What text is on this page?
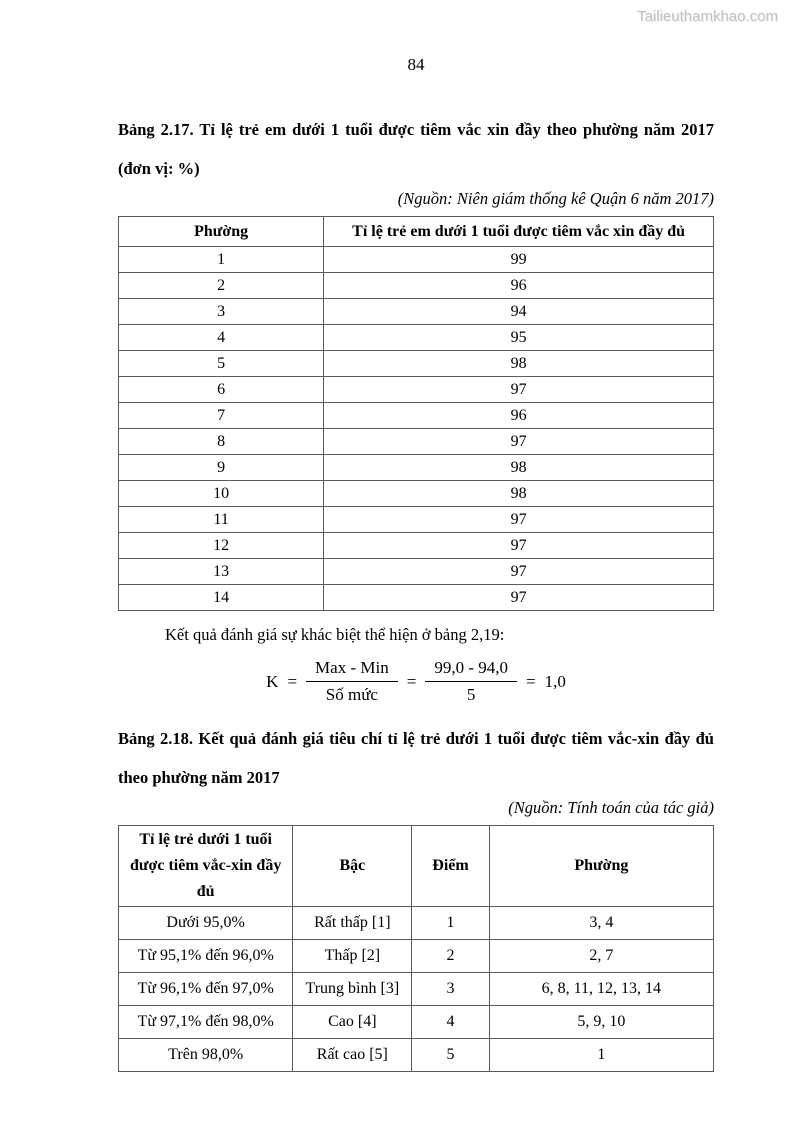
Tailieuthamkhao.com
84

Bảng 2.17. Tỉ lệ trẻ em dưới 1 tuổi được tiêm vắc xin đầy theo phường năm 2017 (đơn vị: %)

(Nguồn: Niên giám thống kê Quận 6 năm 2017)

Phường	Tỉ lệ trẻ em dưới 1 tuổi được tiêm vắc xin đầy đủ
1	99
2	96
3	94
4	95
5	98
6	97
7	96
8	97
9	98
10	98
11	97
12	97
13	97
14	97

Kết quả đánh giá sự khác biệt thể hiện ở bảng 2,19:

$K = \frac{\text{Max - Min}}{\text{Số mức}} = \frac{99,0 - 94,0}{5} = 1,0$

Bảng 2.18. Kết quả đánh giá tiêu chí tỉ lệ trẻ dưới 1 tuổi được tiêm vắc-xin đầy đủ theo phường năm 2017

(Nguồn: Tính toán của tác giả)

Tỉ lệ trẻ dưới 1 tuổi được tiêm vắc-xin đầy đủ	Bậc	Điểm	Phường
Dưới 95,0%	Rất thấp [1]	1	3, 4
Từ 95,1% đến 96,0%	Thấp [2]	2	2, 7
Từ 96,1% đến 97,0%	Trung bình [3]	3	6, 8, 11, 12, 13, 14
Từ 97,1% đến 98,0%	Cao [4]	4	5, 9, 10
Trên 98,0%	Rất cao [5]	5	1
